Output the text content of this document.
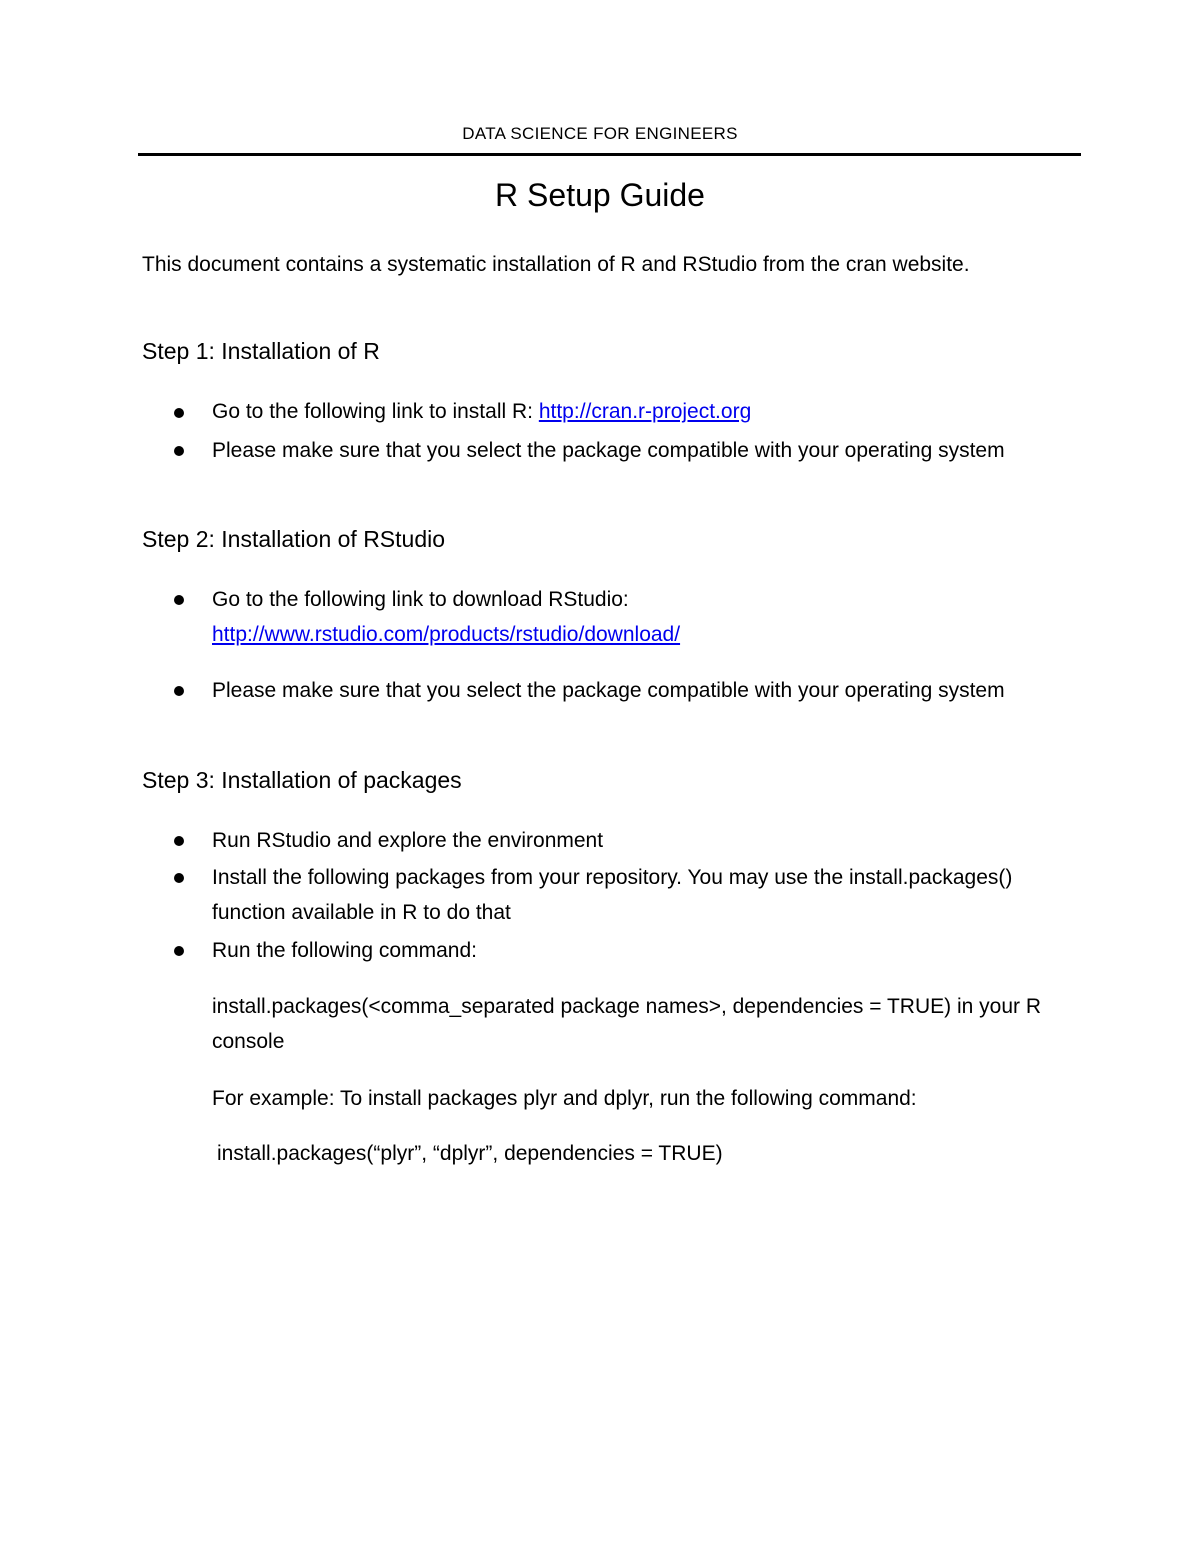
DATA SCIENCE FOR ENGINEERS
R Setup Guide
This document contains a systematic installation of R and RStudio from the cran website.
Step 1: Installation of R
Go to the following link to install R: http://cran.r-project.org
Please make sure that you select the package compatible with your operating system
Step 2: Installation of RStudio
Go to the following link to download RStudio:
http://www.rstudio.com/products/rstudio/download/
Please make sure that you select the package compatible with your operating system
Step 3: Installation of packages
Run RStudio and explore the environment
Install the following packages from your repository. You may use the install.packages() function available in R to do that
Run the following command:
install.packages(<comma_separated package names>, dependencies = TRUE) in your R console
For example: To install packages plyr and dplyr, run the following command:
install.packages(“plyr”, “dplyr”, dependencies = TRUE)
